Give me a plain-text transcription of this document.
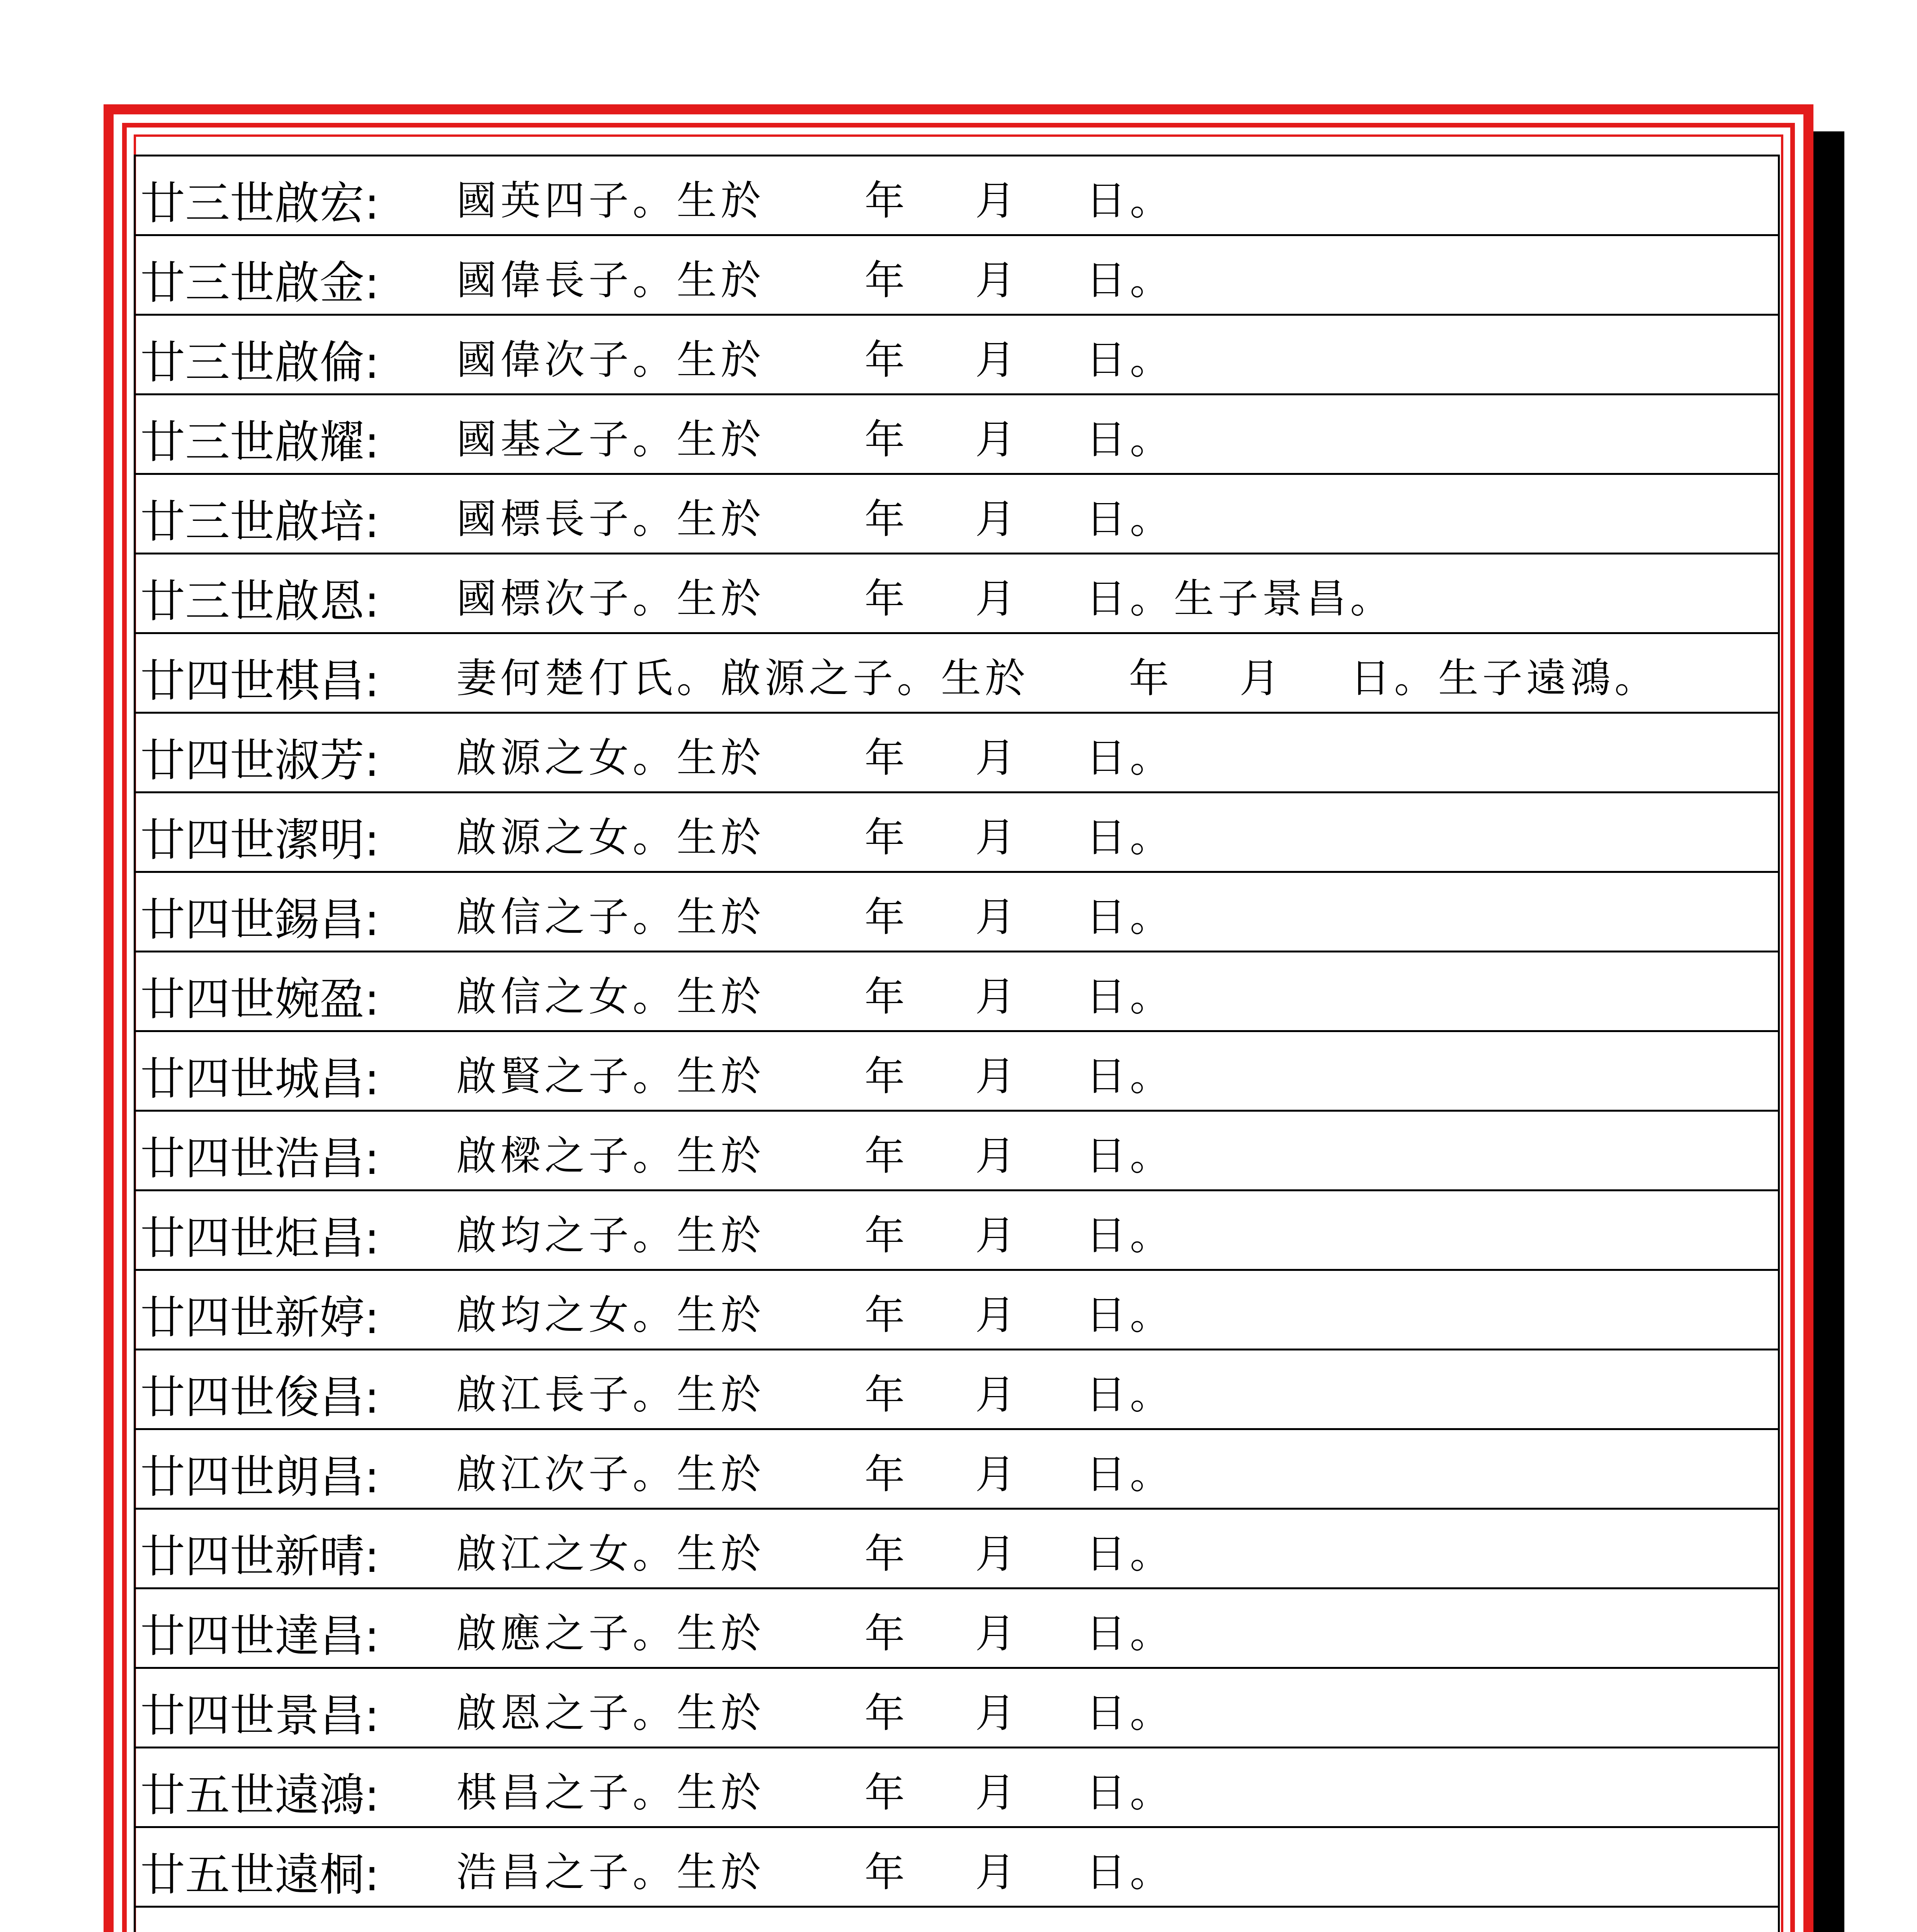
廿三世啟宏: 國英四子。生於      年    月    日。
廿三世啟金: 國偉長子。生於      年    月    日。
廿三世啟倫: 國偉次子。生於      年    月    日。
廿三世啟耀: 國基之子。生於      年    月    日。
廿三世啟培: 國標長子。生於      年    月    日。
廿三世啟恩: 國標次子。生於      年    月    日。生子景昌。
廿四世棋昌: 妻何楚仃氏。啟源之子。生於      年    月    日。生子遠鴻。
廿四世淑芳: 啟源之女。生於      年    月    日。
廿四世潔明: 啟源之女。生於      年    月    日。
廿四世錫昌: 啟信之子。生於      年    月    日。
廿四世婉盈: 啟信之女。生於      年    月    日。
廿四世城昌: 啟賢之子。生於      年    月    日。
廿四世浩昌: 啟樑之子。生於      年    月    日。
廿四世炬昌: 啟均之子。生於      年    月    日。
廿四世新婷: 啟均之女。生於      年    月    日。
廿四世俊昌: 啟江長子。生於      年    月    日。
廿四世朗昌: 啟江次子。生於      年    月    日。
廿四世新晴: 啟江之女。生於      年    月    日。
廿四世達昌: 啟應之子。生於      年    月    日。
廿四世景昌: 啟恩之子。生於      年    月    日。
廿五世遠鴻: 棋昌之子。生於      年    月    日。
廿五世遠桐: 浩昌之子。生於      年    月    日。
